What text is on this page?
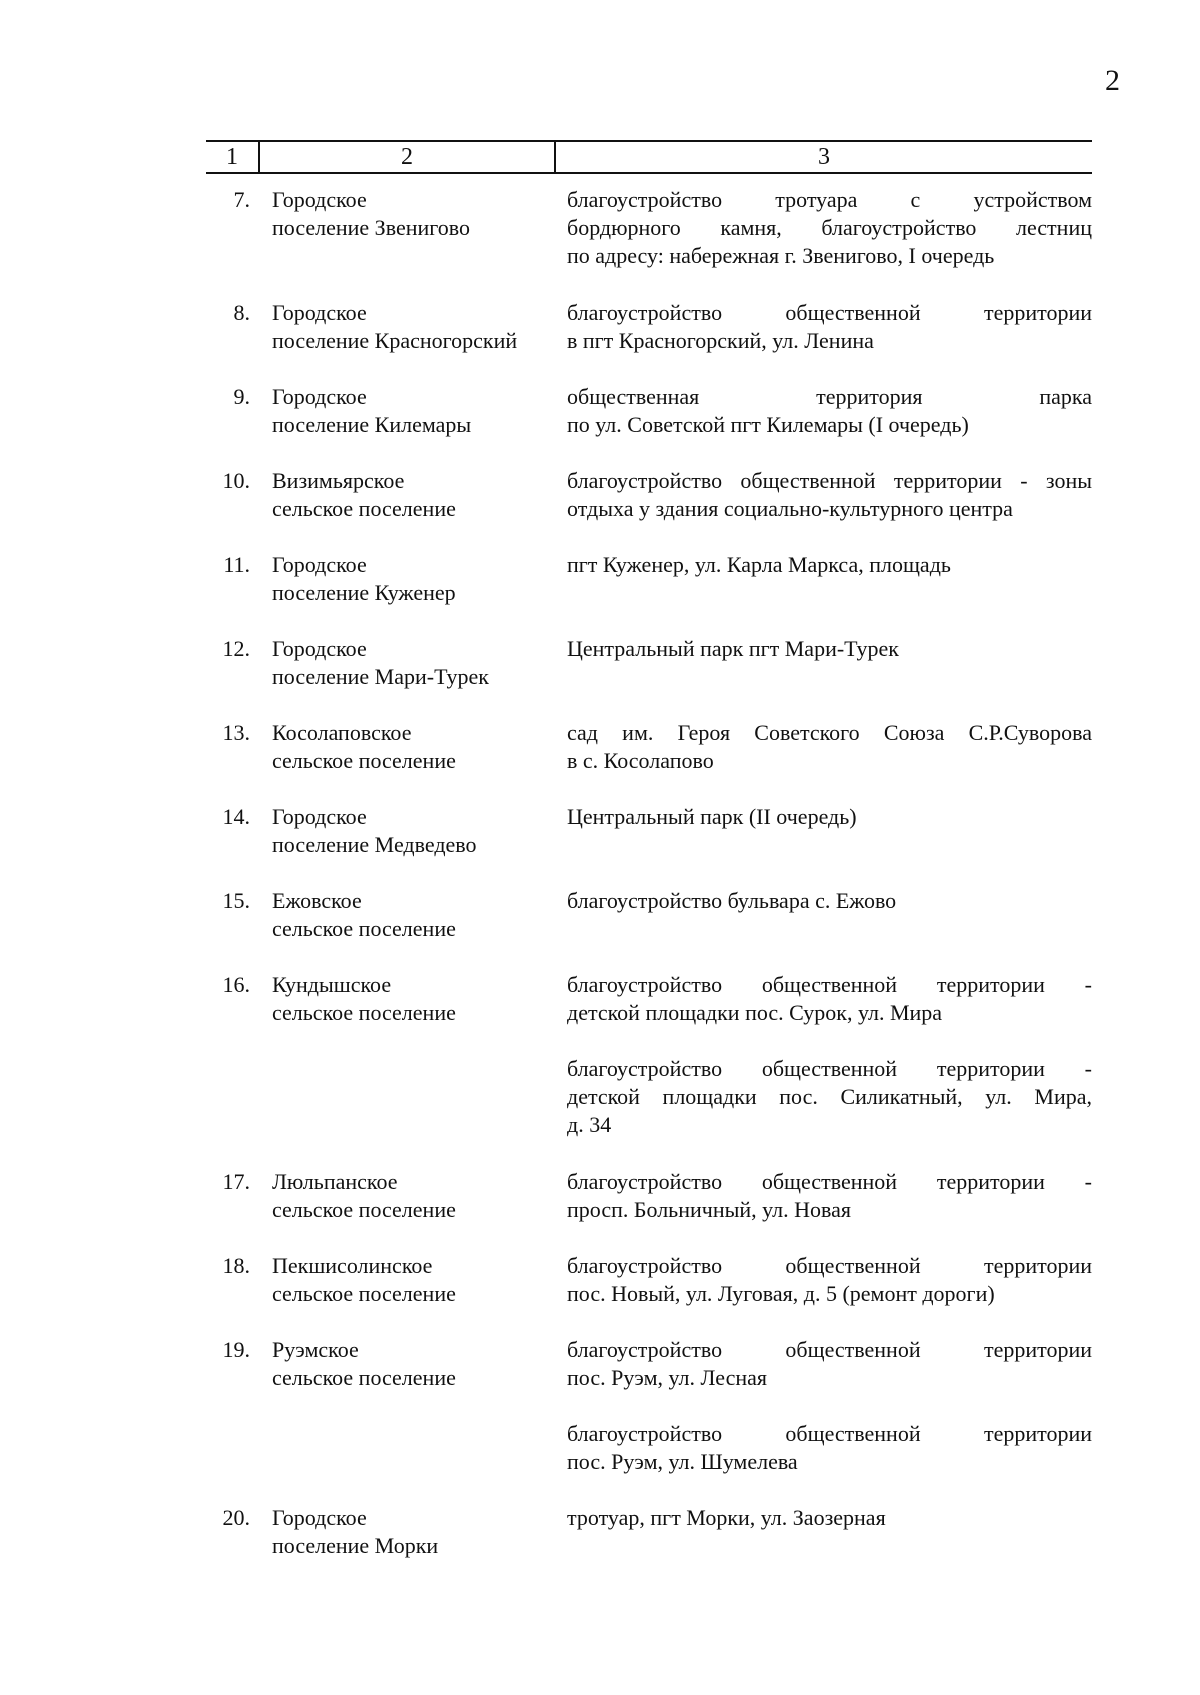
2
1	2	3
7. Городское
поселение Звенигово
благоустройство тротуара с устройством
бордюрного камня, благоустройство лестниц
по адресу: набережная г. Звенигово, I очередь
8. Городское
поселение Красногорский
благоустройство общественной территории
в пгт Красногорский, ул. Ленина
9. Городское
поселение Килемары
общественная территория парка
по ул. Советской пгт Килемары (I очередь)
10. Визимьярское
сельское поселение
благоустройство общественной территории - зоны
отдыха у здания социально-культурного центра
11. Городское
поселение Куженер
пгт Куженер, ул. Карла Маркса, площадь
12. Городское
поселение Мари-Турек
Центральный парк пгт Мари-Турек
13. Косолаповское
сельское поселение
сад им. Героя Советского Союза С.Р.Суворова
в с. Косолапово
14. Городское
поселение Медведево
Центральный парк (II очередь)
15. Ежовское
сельское поселение
благоустройство бульвара с. Ежово
16. Кундышское
сельское поселение
благоустройство общественной территории -
детской площадки пос. Сурок, ул. Мира
благоустройство общественной территории -
детской площадки пос. Силикатный, ул. Мира,
д. 34
17. Люльпанское
сельское поселение
благоустройство общественной территории -
просп. Больничный, ул. Новая
18. Пекшисолинское
сельское поселение
благоустройство общественной территории
пос. Новый, ул. Луговая, д. 5 (ремонт дороги)
19. Руэмское
сельское поселение
благоустройство общественной территории
пос. Руэм, ул. Лесная
благоустройство общественной территории
пос. Руэм, ул. Шумелева
20. Городское
поселение Морки
тротуар, пгт Морки, ул. Заозерная
